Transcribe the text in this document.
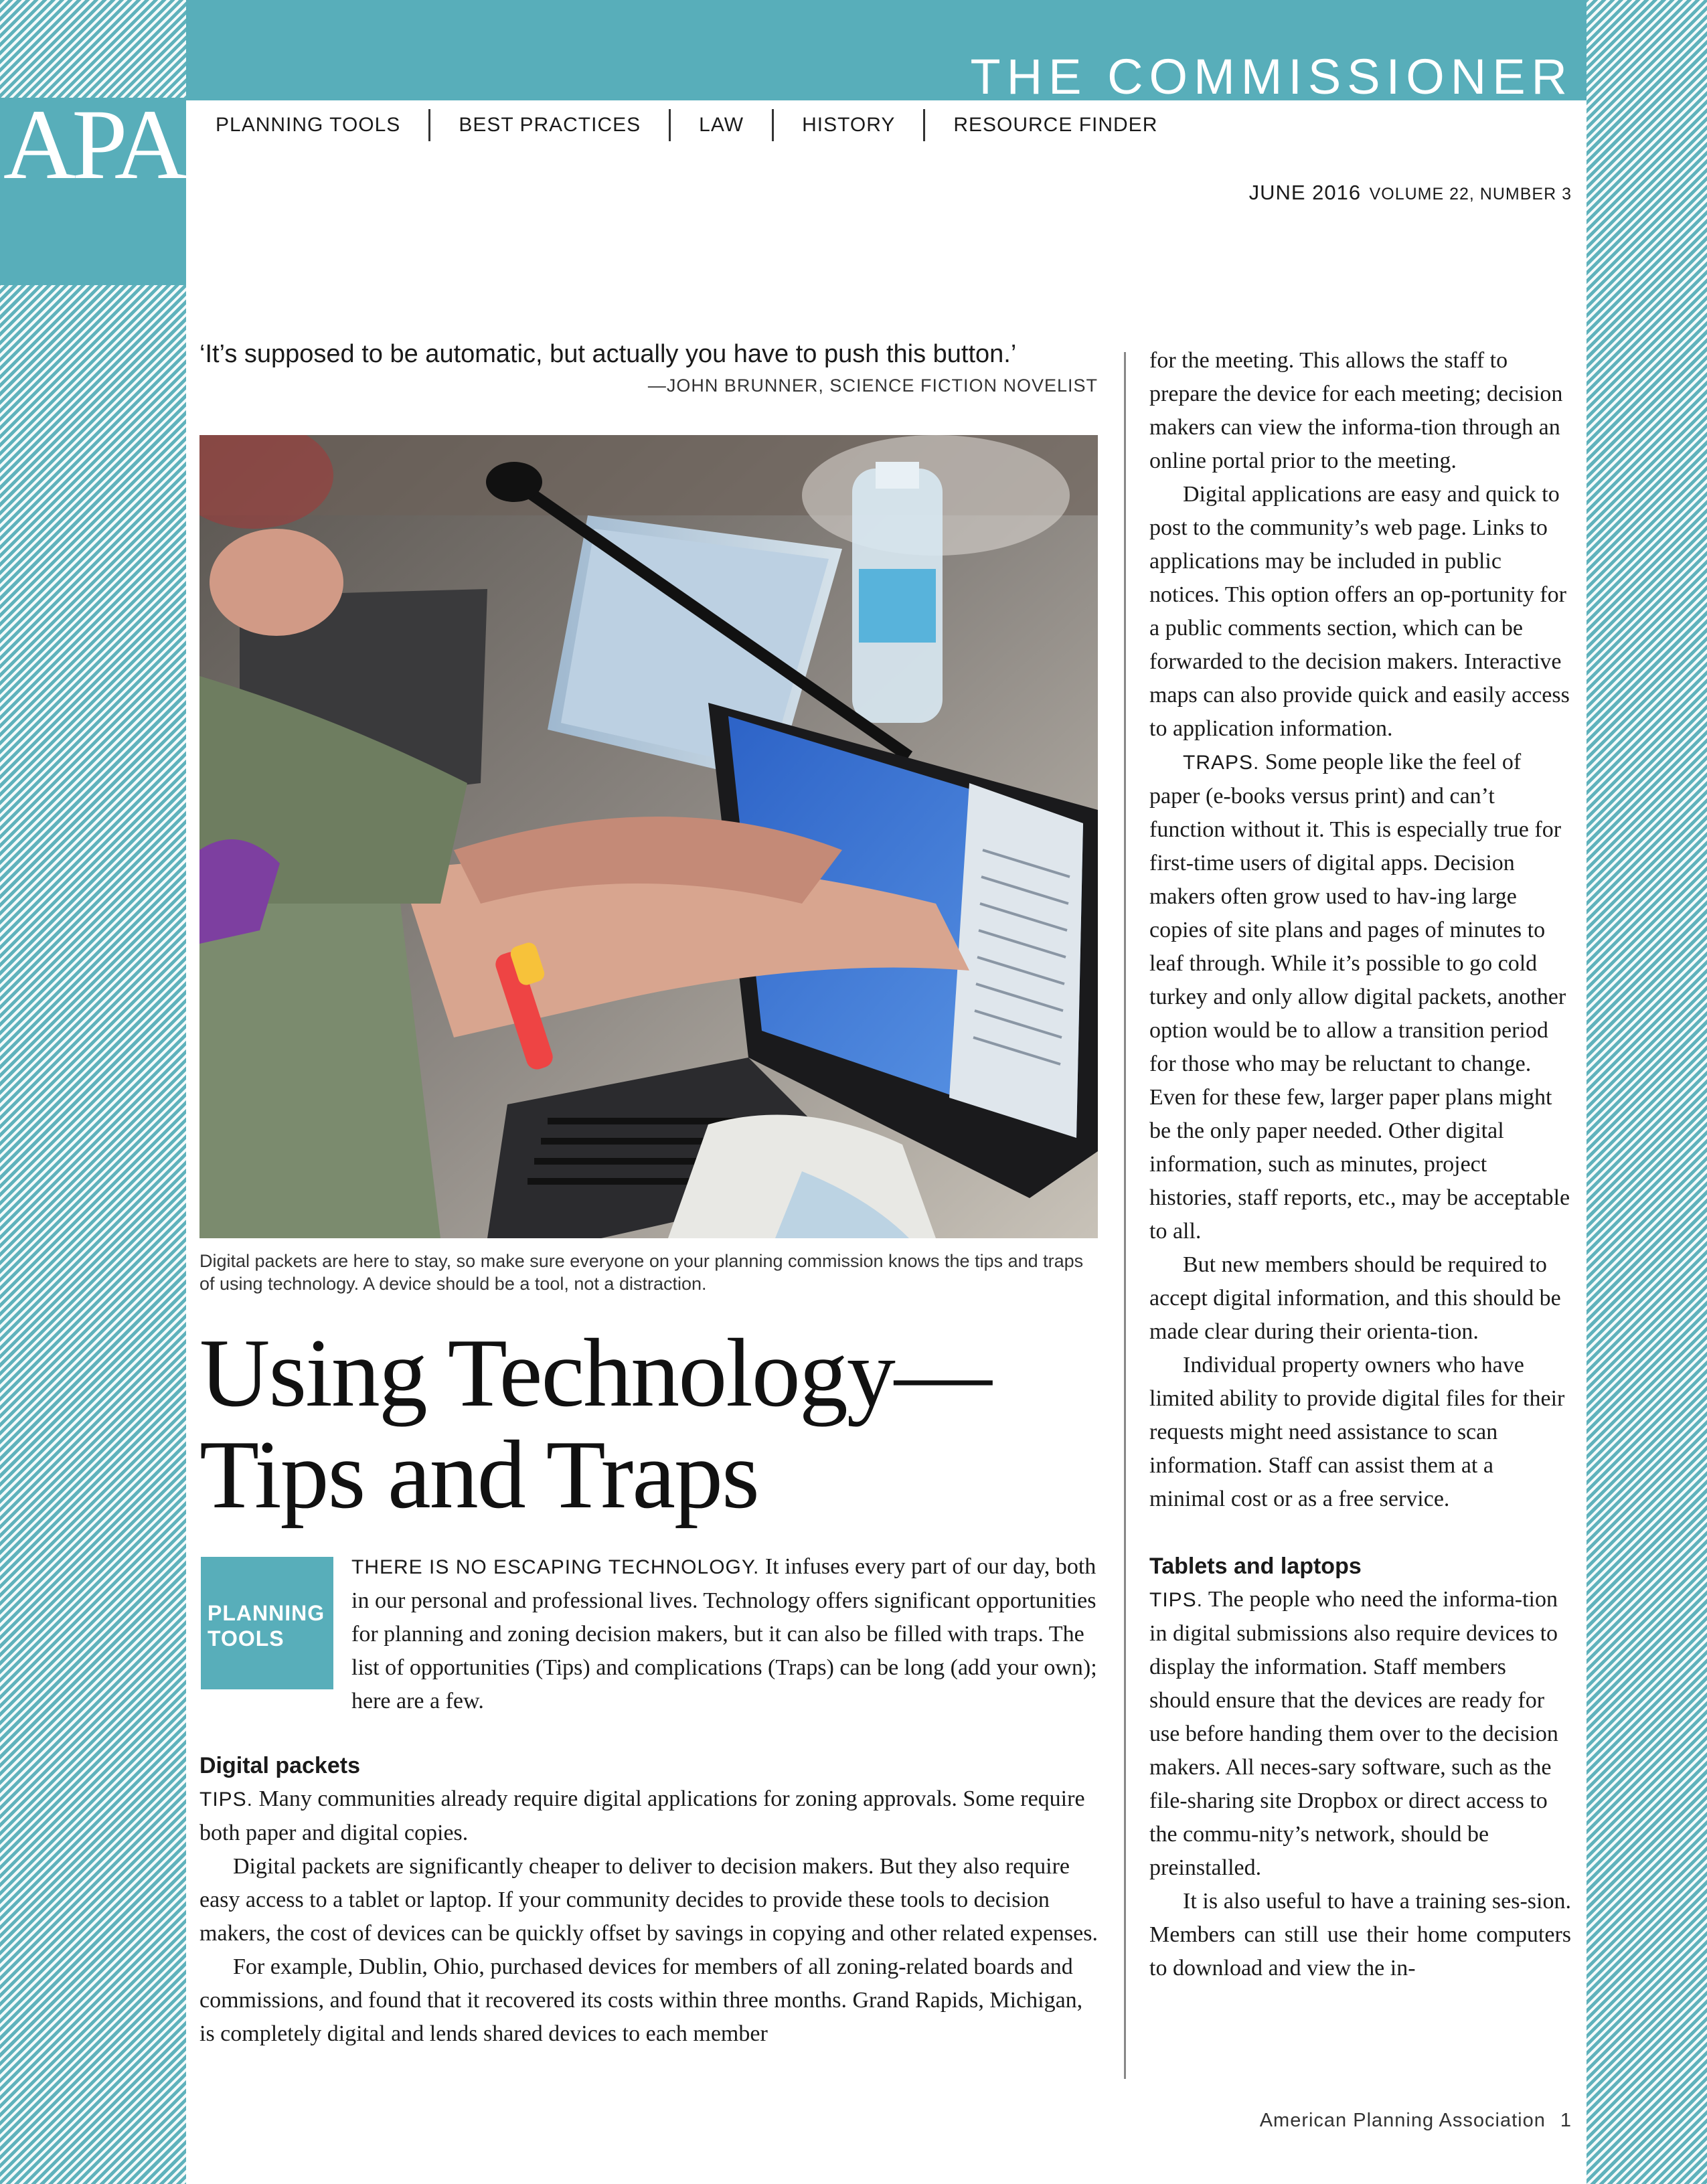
APA
THE COMMISSIONER
PLANNING TOOLS	BEST PRACTICES	LAW	HISTORY	RESOURCE FINDER
JUNE 2016 VOLUME 22, NUMBER 3
‘It’s supposed to be automatic, but actually you have to push this button.’
—JOHN BRUNNER, SCIENCE FICTION NOVELIST
Digital packets are here to stay, so make sure everyone on your planning commission knows the tips and traps of using technology. A device should be a tool, not a distraction.
Using Technology—
Tips and Traps
PLANNING
TOOLS

THERE IS NO ESCAPING TECHNOLOGY. It infuses every part of our day, both in our personal and professional lives. Technology offers significant opportunities for planning and zoning decision makers, but it can also be filled with traps. The list of opportunities (Tips) and complications (Traps) can be long (add your own); here are a few.

Digital packets

TIPS. Many communities already require digital applications for zoning approvals. Some require both paper and digital copies.

Digital packets are significantly cheaper to deliver to decision makers. But they also require easy access to a tablet or laptop. If your community decides to provide these tools to decision makers, the cost of devices can be quickly offset by savings in copying and other related expenses.

For example, Dublin, Ohio, purchased devices for members of all zoning-related boards and commissions, and found that it recovered its costs within three months. Grand Rapids, Michigan, is completely digital and lends shared devices to each member

for the meeting. This allows the staff to prepare the device for each meeting; decision makers can view the informa-tion through an online portal prior to the meeting.

Digital applications are easy and quick to post to the community’s web page. Links to applications may be included in public notices. This option offers an op-portunity for a public comments section, which can be forwarded to the decision makers. Interactive maps can also provide quick and easily access to application information.

TRAPS. Some people like the feel of paper (e-books versus print) and can’t function without it. This is especially true for first-time users of digital apps. Decision makers often grow used to hav-ing large copies of site plans and pages of minutes to leaf through. While it’s possible to go cold turkey and only allow digital packets, another option would be to allow a transition period for those who may be reluctant to change. Even for these few, larger paper plans might be the only paper needed. Other digital information, such as minutes, project histories, staff reports, etc., may be acceptable to all.

But new members should be required to accept digital information, and this should be made clear during their orienta-tion.

Individual property owners who have limited ability to provide digital files for their requests might need assistance to scan information. Staff can assist them at a minimal cost or as a free service.

Tablets and laptops

TIPS. The people who need the informa-tion in digital submissions also require devices to display the information. Staff members should ensure that the devices are ready for use before handing them over to the decision makers. All neces-sary software, such as the file-sharing site Dropbox or direct access to the commu-nity’s network, should be preinstalled.

It is also useful to have a training ses-sion. Members can still use their home computers to download and view the in-

American Planning Association 1
